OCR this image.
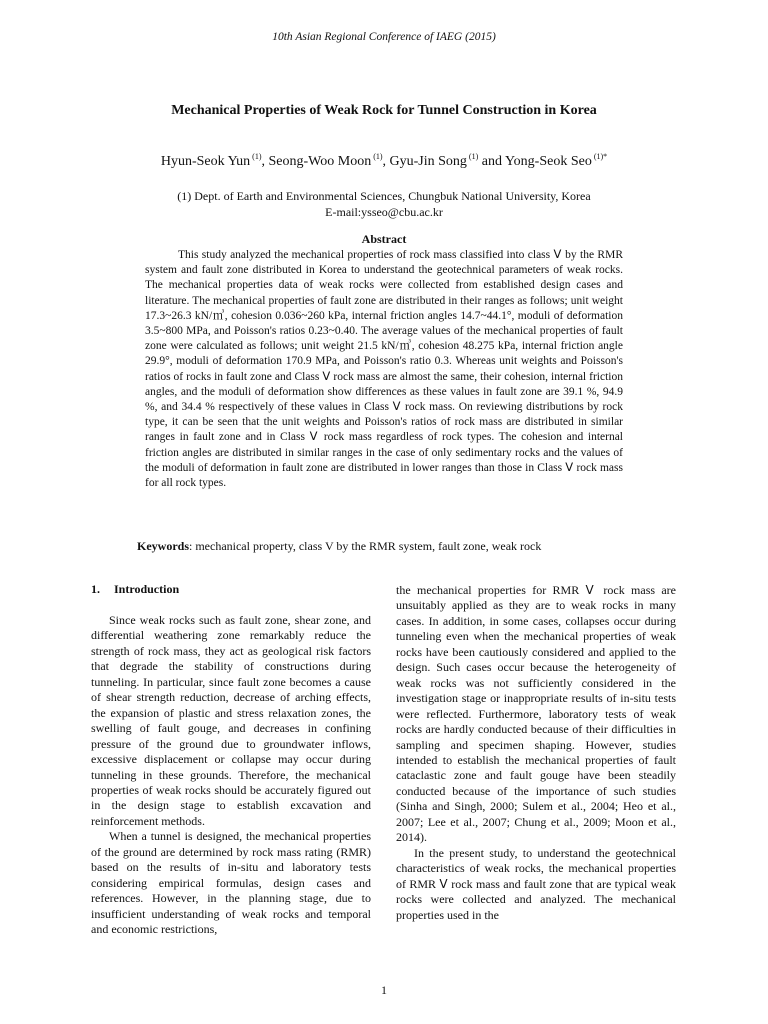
10th Asian Regional Conference of IAEG (2015)
Mechanical Properties of Weak Rock for Tunnel Construction in Korea
Hyun-Seok Yun $^{(1)}$, Seong-Woo Moon $^{(1)}$, Gyu-Jin Song $^{(1)}$ and Yong-Seok Seo $^{(1)*}$
(1) Dept. of Earth and Environmental Sciences, Chungbuk National University, Korea
E-mail:ysseo@cbu.ac.kr
Abstract

This study analyzed the mechanical properties of rock mass classified into class Ⅴ by the RMR system and fault zone distributed in Korea to understand the geotechnical parameters of weak rocks. The mechanical properties data of weak rocks were collected from established design cases and literature. The mechanical properties of fault zone are distributed in their ranges as follows; unit weight 17.3~26.3 kN/㎥, cohesion 0.036~260 kPa, internal friction angles 14.7~44.1°, moduli of deformation 3.5~800 MPa, and Poisson's ratios 0.23~0.40. The average values of the mechanical properties of fault zone were calculated as follows; unit weight 21.5 kN/㎥, cohesion 48.275 kPa, internal friction angle 29.9°, moduli of deformation 170.9 MPa, and Poisson's ratio 0.3. Whereas unit weights and Poisson's ratios of rocks in fault zone and Class Ⅴ rock mass are almost the same, their cohesion, internal friction angles, and the moduli of deformation show differences as these values in fault zone are 39.1 %, 94.9 %, and 34.4 % respectively of these values in Class Ⅴ rock mass. On reviewing distributions by rock type, it can be seen that the unit weights and Poisson's ratios of rock mass are distributed in similar ranges in fault zone and in Class Ⅴ rock mass regardless of rock types. The cohesion and internal friction angles are distributed in similar ranges in the case of only sedimentary rocks and the values of the moduli of deformation in fault zone are distributed in lower ranges than those in Class Ⅴ rock mass for all rock types.

Keywords: mechanical property, class V by the RMR system, fault zone, weak rock

1. Introduction

Since weak rocks such as fault zone, shear zone, and differential weathering zone remarkably reduce the strength of rock mass, they act as geological risk factors that degrade the stability of constructions during tunneling. In particular, since fault zone becomes a cause of shear strength reduction, decrease of arching effects, the expansion of plastic and stress relaxation zones, the swelling of fault gouge, and decreases in confining pressure of the ground due to groundwater inflows, excessive displacement or collapse may occur during tunneling in these grounds. Therefore, the mechanical properties of weak rocks should be accurately figured out in the design stage to establish excavation and reinforcement methods.

When a tunnel is designed, the mechanical properties of the ground are determined by rock mass rating (RMR) based on the results of in-situ and laboratory tests considering empirical formulas, design cases and references. However, in the planning stage, due to insufficient understanding of weak rocks and temporal and economic restrictions,

the mechanical properties for RMR Ⅴ rock mass are unsuitably applied as they are to weak rocks in many cases. In addition, in some cases, collapses occur during tunneling even when the mechanical properties of weak rocks have been cautiously considered and applied to the design. Such cases occur because the heterogeneity of weak rocks was not sufficiently considered in the investigation stage or inappropriate results of in-situ tests were reflected. Furthermore, laboratory tests of weak rocks are hardly conducted because of their difficulties in sampling and specimen shaping. However, studies intended to establish the mechanical properties of fault cataclastic zone and fault gouge have been steadily conducted because of the importance of such studies (Sinha and Singh, 2000; Sulem et al., 2004; Heo et al., 2007; Lee et al., 2007; Chung et al., 2009; Moon et al., 2014).

In the present study, to understand the geotechnical characteristics of weak rocks, the mechanical properties of RMR Ⅴ rock mass and fault zone that are typical weak rocks were collected and analyzed. The mechanical properties used in the

1
